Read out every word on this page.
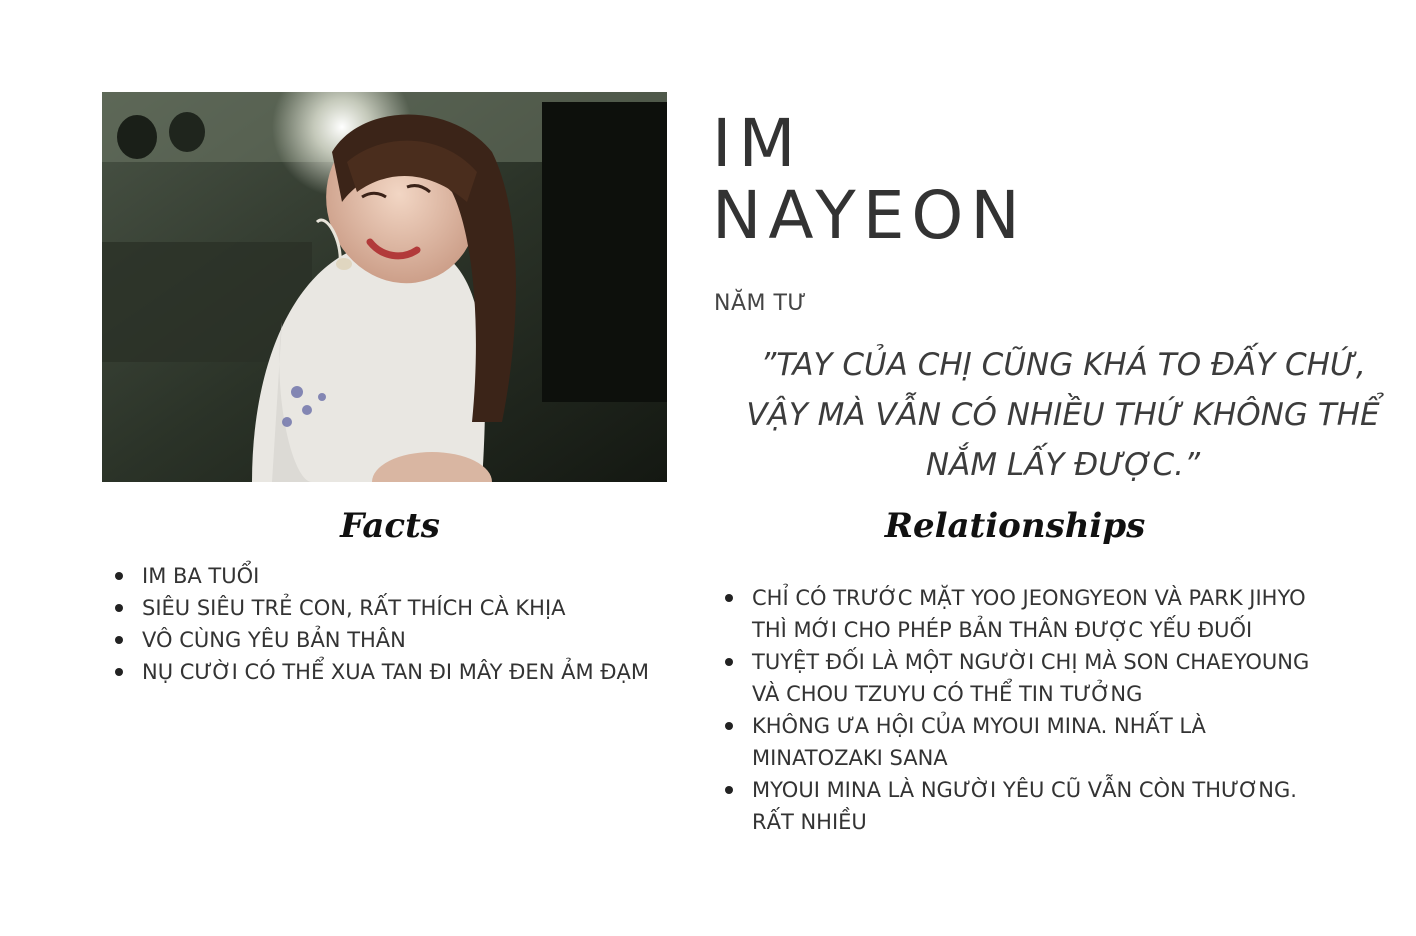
IM
NAYEON
NĂM TƯ
”TAY CỦA CHỊ CŨNG KHÁ TO ĐẤY CHỨ, VẬY MÀ VẪN CÓ NHIỀU THỨ KHÔNG THỂ NẮM LẤY ĐƯỢC.”
Facts
IM BA TUỔI
SIÊU SIÊU TRẺ CON, RẤT THÍCH CÀ KHỊA
VÔ CÙNG YÊU BẢN THÂN
NỤ CƯỜI CÓ THỂ XUA TAN ĐI MÂY ĐEN ẢM ĐẠM
Relationships
CHỈ CÓ TRƯỚC MẶT YOO JEONGYEON VÀ PARK JIHYO THÌ MỚI CHO PHÉP BẢN THÂN ĐƯỢC YẾU ĐUỐI
TUYỆT ĐỐI LÀ MỘT NGƯỜI CHỊ MÀ SON CHAEYOUNG VÀ CHOU TZUYU CÓ THỂ TIN TƯỞNG
KHÔNG ƯA HỘI CỦA MYOUI MINA. NHẤT LÀ MINATOZAKI SANA
MYOUI MINA LÀ NGƯỜI YÊU CŨ VẪN CÒN THƯƠNG. RẤT NHIỀU
